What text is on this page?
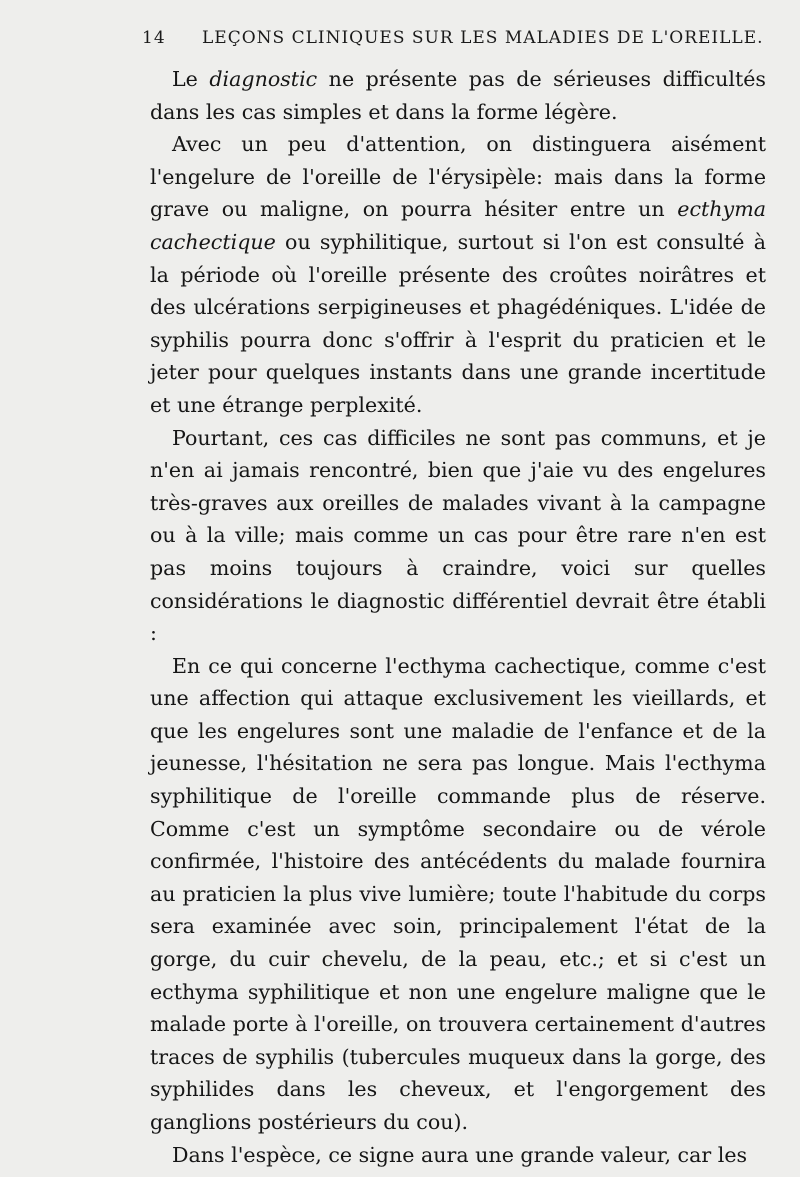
14 LEÇONS CLINIQUES SUR LES MALADIES DE L'OREILLE.

Le diagnostic ne présente pas de sérieuses difficultés dans les cas simples et dans la forme légère.

Avec un peu d'attention, on distinguera aisément l'engelure de l'oreille de l'érysipèle: mais dans la forme grave ou maligne, on pourra hésiter entre un ecthyma cachectique ou syphilitique, surtout si l'on est consulté à la période où l'oreille présente des croûtes noirâtres et des ulcérations serpigineuses et phagédéniques. L'idée de syphilis pourra donc s'offrir à l'esprit du praticien et le jeter pour quelques instants dans une grande incertitude et une étrange perplexité.

Pourtant, ces cas difficiles ne sont pas communs, et je n'en ai jamais rencontré, bien que j'aie vu des engelures très-graves aux oreilles de malades vivant à la campagne ou à la ville; mais comme un cas pour être rare n'en est pas moins toujours à craindre, voici sur quelles considérations le diagnostic différentiel devrait être établi :

En ce qui concerne l'ecthyma cachectique, comme c'est une affection qui attaque exclusivement les vieillards, et que les engelures sont une maladie de l'enfance et de la jeunesse, l'hésitation ne sera pas longue. Mais l'ecthyma syphilitique de l'oreille commande plus de réserve. Comme c'est un symptôme secondaire ou de vérole confirmée, l'histoire des antécédents du malade fournira au praticien la plus vive lumière; toute l'habitude du corps sera examinée avec soin, principalement l'état de la gorge, du cuir chevelu, de la peau, etc.; et si c'est un ecthyma syphilitique et non une engelure maligne que le malade porte à l'oreille, on trouvera certainement d'autres traces de syphilis (tubercules muqueux dans la gorge, des syphilides dans les cheveux, et l'engorgement des ganglions postérieurs du cou).

Dans l'espèce, ce signe aura une grande valeur, car les
